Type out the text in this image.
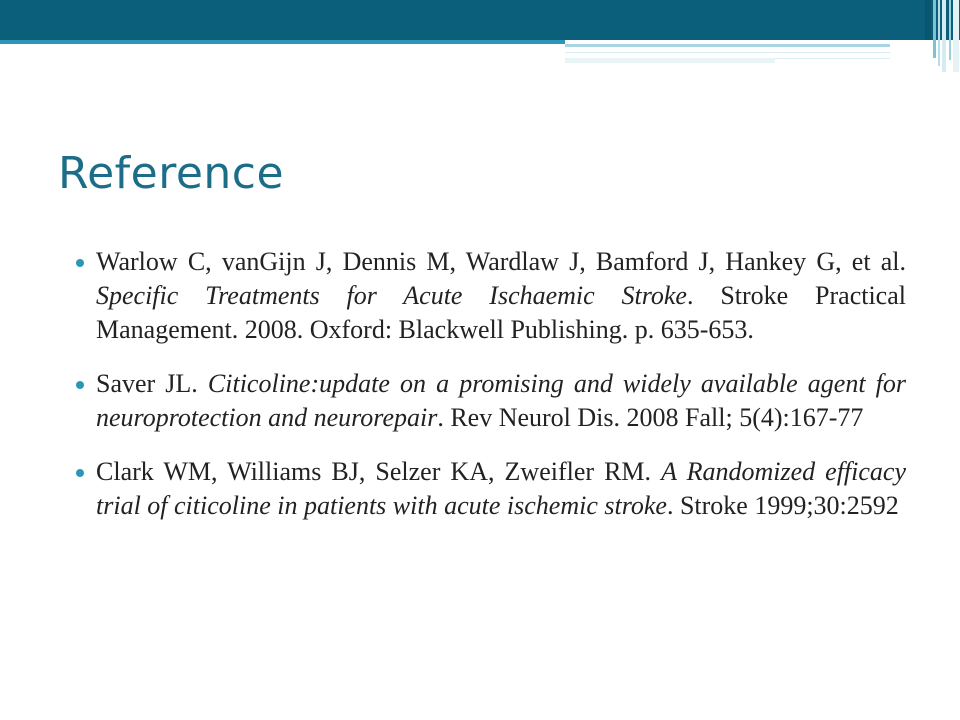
Reference
Warlow C, vanGijn J, Dennis M, Wardlaw J, Bamford J, Hankey G, et al. Specific Treatments for Acute Ischaemic Stroke. Stroke Practical Management. 2008. Oxford: Blackwell Publishing. p. 635-653.
Saver JL. Citicoline:update on a promising and widely available agent for neuroprotection and neurorepair. Rev Neurol Dis. 2008 Fall; 5(4):167-77
Clark WM, Williams BJ, Selzer KA, Zweifler RM. A Randomized efficacy trial of citicoline in patients with acute ischemic stroke. Stroke 1999;30:2592
